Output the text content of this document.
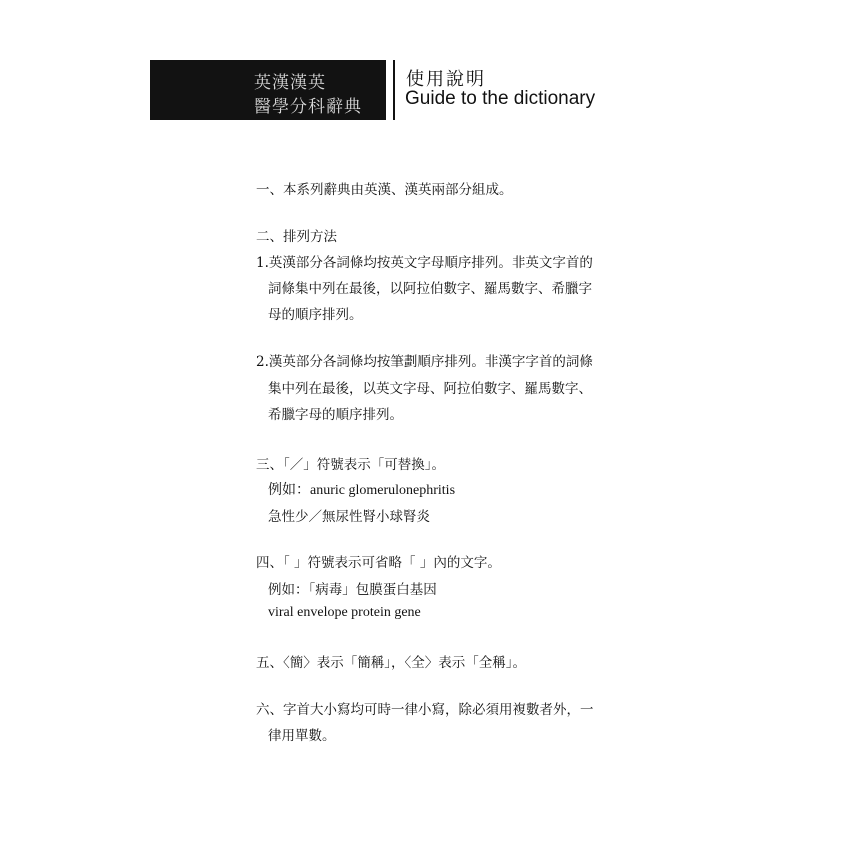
英漢漢英
醫學分科辭典
使用說明
Guide to the dictionary
一、本系列辭典由英漢、漢英兩部分組成。
二、排列方法
1.英漢部分各詞條均按英文字母順序排列。非英文字首的
詞條集中列在最後，以阿拉伯數字、羅馬數字、希臘字
母的順序排列。
2.漢英部分各詞條均按筆劃順序排列。非漢字字首的詞條
集中列在最後，以英文字母、阿拉伯數字、羅馬數字、
希臘字母的順序排列。
三、「／」符號表示「可替換」。
例如：anuric glomerulonephritis
急性少／無尿性腎小球腎炎
四、「 」符號表示可省略「 」內的文字。
例如：「病毒」包膜蛋白基因
viral envelope protein gene
五、〈簡〉表示「簡稱」，〈全〉表示「全稱」。
六、字首大小寫均可時一律小寫，除必須用複數者外，一
律用單數。
